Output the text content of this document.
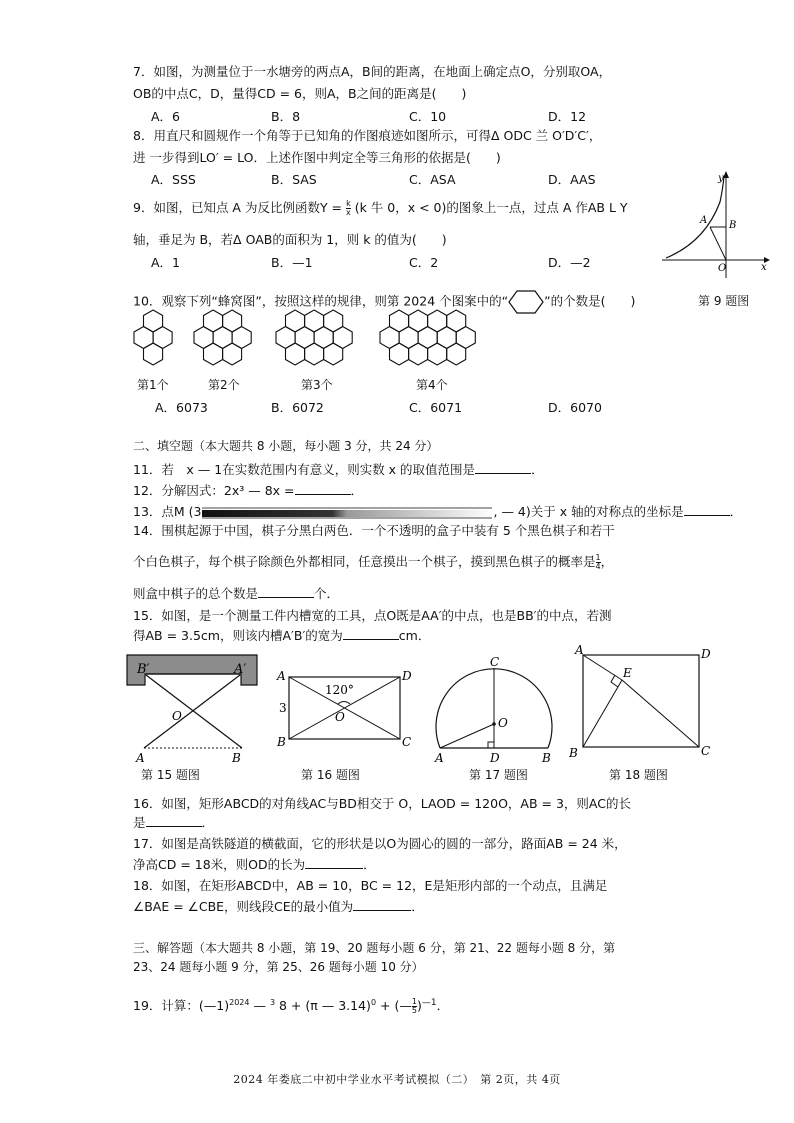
7．如图，为测量位于一水塘旁的两点A，B间的距离，在地面上确定点O，分别取OA，
OB的中点C，D，量得CD = 6，则A，B之间的距离是(　　)
A．6	B．8	C．10	D．12
8．用直尺和圆规作一个角等于已知角的作图痕迹如图所示，可得Δ ODC 兰 O′D′C′，
进 一步得到LO′ = LO．上述作图中判定全等三角形的依据是(　　)
A．SSS	B．SAS	C．ASA	D．AAS
9．如图，已知点 A 为反比例函数$Y = \frac{k}{x} (k$ 牛 0，x < 0)的图象上一点，过点 A 作AB L Y
轴，垂足为 B，若Δ OAB的面积为 1，则 k 的值为(　　)
A．1	B．—1	C．2	D．—2
y
x
A B
O
第 9 题图
10．观察下列“蜂窝图”，按照这样的规律，则第 2024 个图案中的“	”的个数是(　　)
第1个	第2个	第3个	第4个
A．6073	B．6072	C．6071	D．6070
二、填空题（本大题共 8 小题，每小题 3 分，共 24 分）
11．若　x — 1在实数范围内有意义，则实数 x 的取值范围是	．
12．分解因式：2x³ — 8x =	．
13．点M (3	, — 4)关于 x 轴的对称点的坐标是	．
14．围棋起源于中国，棋子分黑白两色．一个不透明的盒子中装有 5 个黑色棋子和若干
个白色棋子，每个棋子除颜色外都相同，任意摸出一个棋子，摸到黑色棋子的概率是 $\frac{1}{4}$ ，
则盒中棋子的总个数是	个．
15．如图，是一个测量工件内槽宽的工具，点O既是AA′的中点，也是BB′的中点，若测
得AB = 3.5cm，则该内槽A′B′的宽为	cm．
B′	A′
O
A	B
第 15 题图
A	D
B	C
O
3
120°
第 16 题图
C
O
A	D	B
第 17 题图
A	D
E
B	C
第 18 题图
16．如图，矩形ABCD的对角线AC与BD相交于 O，LAOD = 120O，AB = 3，则AC的长
是	．
17．如图是高铁隧道的横截面，它的形状是以O为圆心的圆的一部分，路面AB = 24 米，
净高CD = 18米，则OD的长为	．
18．如图，在矩形ABCD中，AB = 10，BC = 12，E是矩形内部的一个动点，且满足
∠BAE = ∠CBE，则线段CE的最小值为	．
三、解答题（本大题共 8 小题，第 19、20 题每小题 6 分，第 21、22 题每小题 8 分，第
23、24 题每小题 9 分，第 25、26 题每小题 10 分）
19．计算：(—1)$^{2024}$ — $^3$ 8 + (π — 3.14)$^0$ + (— $\frac{1}{5} )^{—1}$．
2024 年娄底二中初中学业水平考试模拟（二）　第 2页，共 4页
